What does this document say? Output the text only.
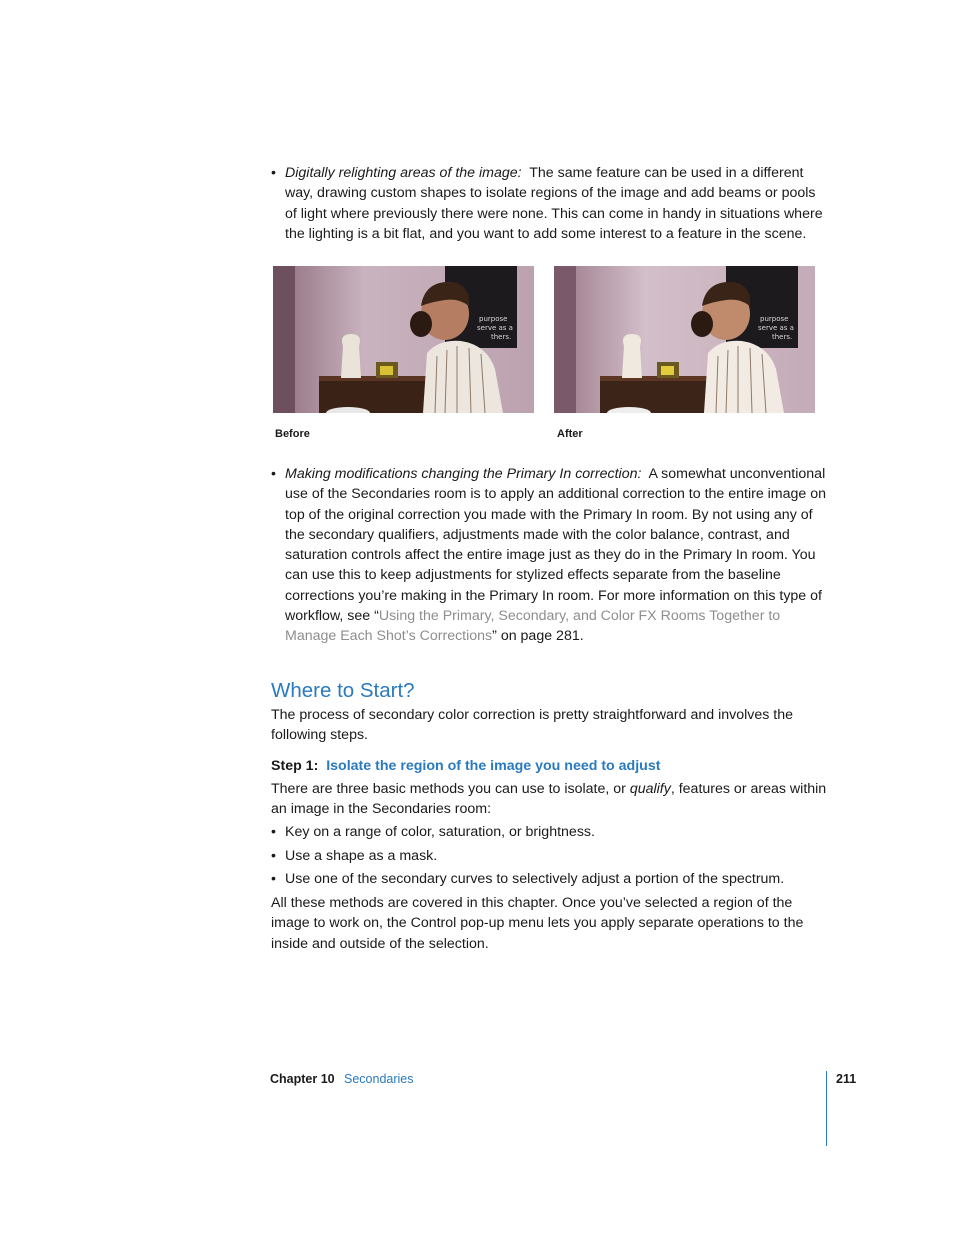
• Digitally relighting areas of the image: The same feature can be used in a different way, drawing custom shapes to isolate regions of the image and add beams or pools of light where previously there were none. This can come in handy in situations where the lighting is a bit flat, and you want to add some interest to a feature in the scene.
purpose
serve as a
thers.
Before
purpose
serve as a
thers.
After
• Making modifications changing the Primary In correction: A somewhat unconventional use of the Secondaries room is to apply an additional correction to the entire image on top of the original correction you made with the Primary In room. By not using any of the secondary qualifiers, adjustments made with the color balance, contrast, and saturation controls affect the entire image just as they do in the Primary In room. You can use this to keep adjustments for stylized effects separate from the baseline corrections you’re making in the Primary In room. For more information on this type of workflow, see “Using the Primary, Secondary, and Color FX Rooms Together to Manage Each Shot’s Corrections” on page 281.
Where to Start?
The process of secondary color correction is pretty straightforward and involves the following steps.
Step 1: Isolate the region of the image you need to adjust
There are three basic methods you can use to isolate, or qualify, features or areas within an image in the Secondaries room:
• Key on a range of color, saturation, or brightness.
• Use a shape as a mask.
• Use one of the secondary curves to selectively adjust a portion of the spectrum.
All these methods are covered in this chapter. Once you’ve selected a region of the image to work on, the Control pop-up menu lets you apply separate operations to the inside and outside of the selection.
Chapter 10 Secondaries	211
